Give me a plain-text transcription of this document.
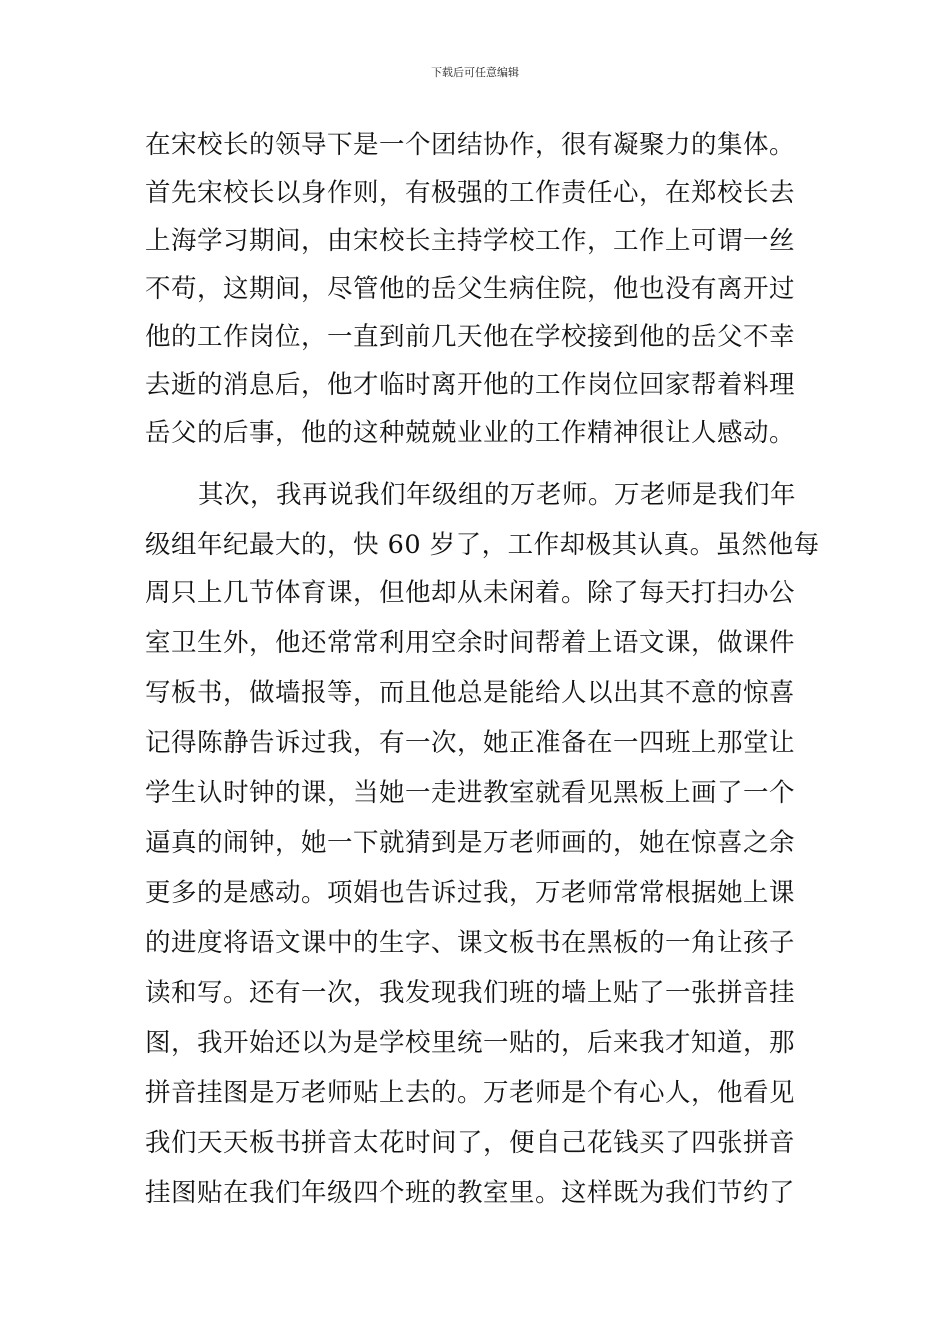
下载后可任意编辑
在宋校长的领导下是一个团结协作，很有凝聚力的集体。
首先宋校长以身作则，有极强的工作责任心，在郑校长去
上海学习期间，由宋校长主持学校工作，工作上可谓一丝
不苟，这期间，尽管他的岳父生病住院，他也没有离开过
他的工作岗位，一直到前几天他在学校接到他的岳父不幸
去逝的消息后，他才临时离开他的工作岗位回家帮着料理
岳父的后事，他的这种兢兢业业的工作精神很让人感动。
其次，我再说我们年级组的万老师。万老师是我们年
级组年纪最大的，快 60 岁了，工作却极其认真。虽然他每
周只上几节体育课，但他却从未闲着。除了每天打扫办公
室卫生外，他还常常利用空余时间帮着上语文课，做课件
写板书，做墙报等，而且他总是能给人以出其不意的惊喜
记得陈静告诉过我，有一次，她正准备在一四班上那堂让
学生认时钟的课，当她一走进教室就看见黑板上画了一个
逼真的闹钟，她一下就猜到是万老师画的，她在惊喜之余
更多的是感动。项娟也告诉过我，万老师常常根据她上课
的进度将语文课中的生字、课文板书在黑板的一角让孩子
读和写。还有一次，我发现我们班的墙上贴了一张拼音挂
图，我开始还以为是学校里统一贴的，后来我才知道，那
拼音挂图是万老师贴上去的。万老师是个有心人，他看见
我们天天板书拼音太花时间了，便自己花钱买了四张拼音
挂图贴在我们年级四个班的教室里。这样既为我们节约了
